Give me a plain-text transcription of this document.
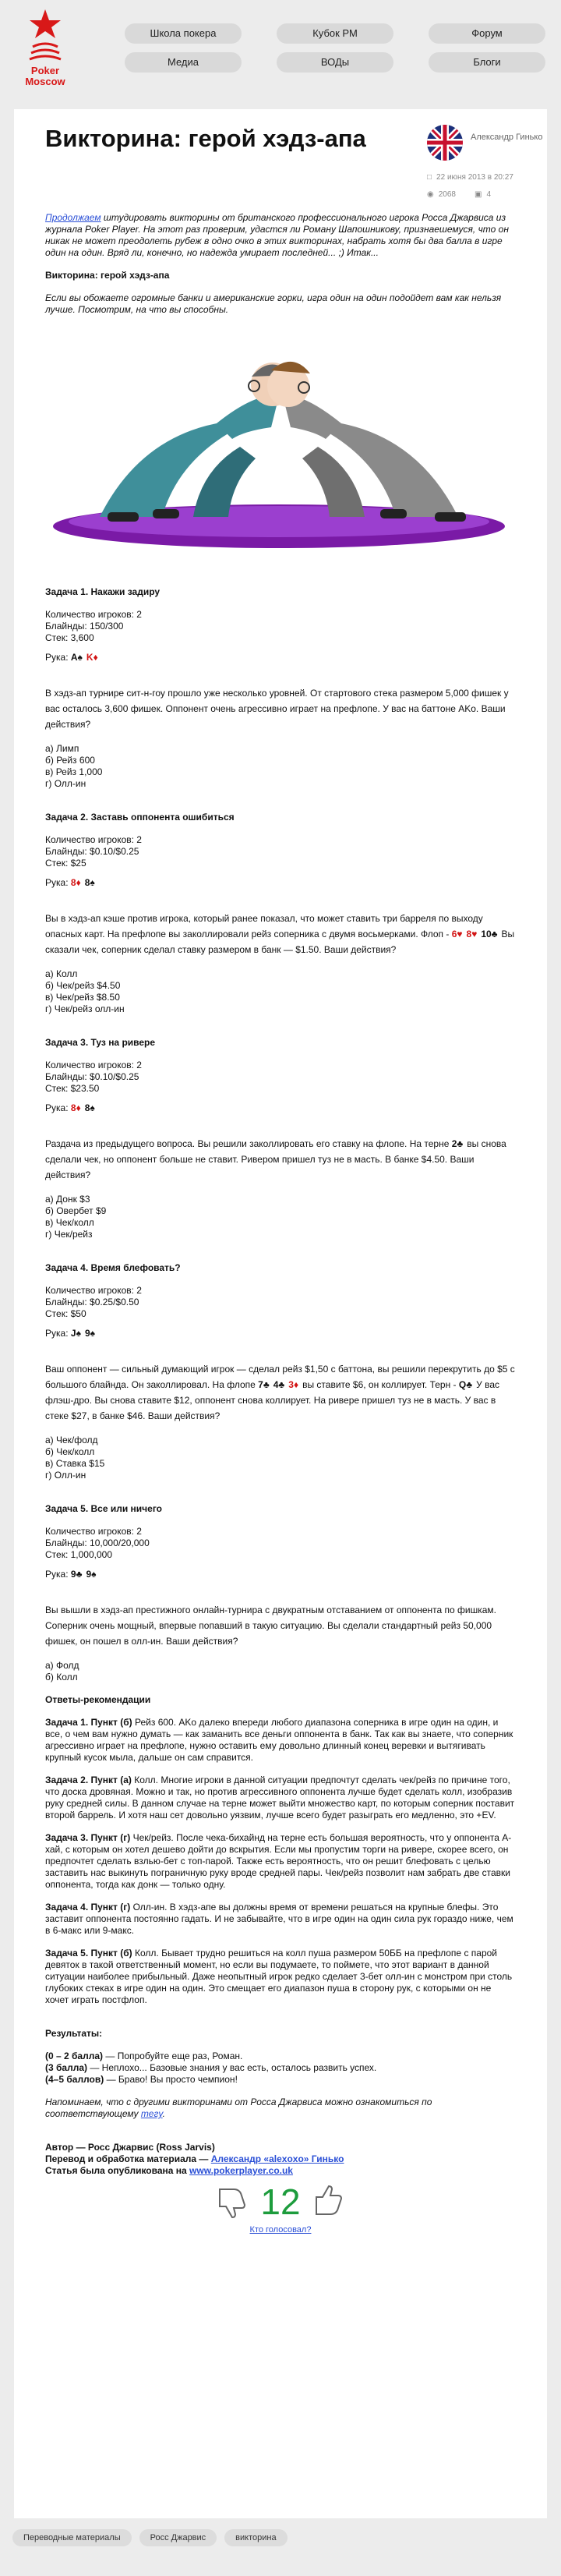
Poker
Moscow
Школа покера	Кубок РМ	Форум
Медиа	ВОДы	Блоги
Викторина: герой хэдз-апа	Александр Гинько
□ 22 июня 2013 в 20:27
◉ 2068 ▣ 4

Продолжаем штудировать викторины от британского профессионального игрока Росса Джарвиса из журнала Poker Player. На этот раз проверим, удастся ли Роману Шапошникову, признаешемуся, что он никак не может преодолеть рубеж в одно очко в этих викторинах, набрать хотя бы два балла в игре один на один. Вряд ли, конечно, но надежда умирает последней... ;) Итак...

Викторина: герой хэдз-апа

Если вы обожаете огромные банки и американские горки, игра один на один подойдет вам как нельзя лучше. Посмотрим, на что вы способны.

Задача 1. Накажи задиру

Количество игроков: 2

Блайнды: 150/300

Стек: 3,600

Рука: A♠ K♦

В хэдз-ап турнире сит-н-гоу прошло уже несколько уровней. От стартового стека размером 5,000 фишек у вас осталось 3,600 фишек. Оппонент очень агрессивно играет на префлопе. У вас на баттоне AKo. Ваши действия?

а) Лимп

б) Рейз 600

в) Рейз 1,000

г) Олл-ин

Задача 2. Заставь оппонента ошибиться

Количество игроков: 2

Блайнды: $0.10/$0.25

Стек: $25

Рука: 8♦ 8♠

Вы в хэдз-ап кэше против игрока, который ранее показал, что может ставить три барреля по выходу опасных карт. На префлопе вы заколлировали рейз соперника с двумя восьмерками. Флоп - 6♥ 8♥ 10♣ Вы сказали чек, соперник сделал ставку размером в банк — $1.50. Ваши действия?

а) Колл

б) Чек/рейз $4.50

в) Чек/рейз $8.50

г) Чек/рейз олл-ин

Задача 3. Туз на ривере

Количество игроков: 2

Блайнды: $0.10/$0.25

Стек: $23.50

Рука: 8♦ 8♠

Раздача из предыдущего вопроса. Вы решили заколлировать его ставку на флопе. На терне 2♣ вы снова сделали чек, но оппонент больше не ставит. Ривером пришел туз не в масть. В банке $4.50. Ваши действия?

а) Донк $3

б) Овербет $9

в) Чек/колл

г) Чек/рейз

Задача 4. Время блефовать?

Количество игроков: 2

Блайнды: $0.25/$0.50

Стек: $50

Рука: J♠ 9♠

Ваш оппонент — сильный думающий игрок — сделал рейз $1,50 с баттона, вы решили перекрутить до $5 с большого блайнда. Он заколлировал. На флопе 7♣ 4♣ 3♦ вы ставите $6, он коллирует. Терн - Q♣ У вас флэш-дро. Вы снова ставите $12, оппонент снова коллирует. На ривере пришел туз не в масть. У вас в стеке $27, в банке $46. Ваши действия?

а) Чек/фолд

б) Чек/колл

в) Ставка $15

г) Олл-ин

Задача 5. Все или ничего

Количество игроков: 2

Блайнды: 10,000/20,000

Стек: 1,000,000

Рука: 9♣ 9♠

Вы вышли в хэдз-ап престижного онлайн-турнира с двукратным отставанием от оппонента по фишкам. Соперник очень мощный, впервые попавший в такую ситуацию. Вы сделали стандартный рейз 50,000 фишек, он пошел в олл-ин. Ваши действия?

а) Фолд

б) Колл

Ответы-рекомендации

Задача 1. Пункт (б) Рейз 600. AKo далеко впереди любого диапазона соперника в игре один на один, и все, о чем вам нужно думать — как заманить все деньги оппонента в банк. Так как вы знаете, что соперник агрессивно играет на префлопе, нужно оставить ему довольно длинный конец веревки и вытягивать крупный кусок мыла, дальше он сам справится.

Задача 2. Пункт (а) Колл. Многие игроки в данной ситуации предпочтут сделать чек/рейз по причине того, что доска дровяная. Можно и так, но против агрессивного оппонента лучше будет сделать колл, изобразив руку средней силы. В данном случае на терне может выйти множество карт, по которым соперник поставит второй баррель. И хотя наш сет довольно уязвим, лучше всего будет разыграть его медленно, это +EV.

Задача 3. Пункт (г) Чек/рейз. После чека-бихайнд на терне есть большая вероятность, что у оппонента A-хай, с которым он хотел дешево дойти до вскрытия. Если мы пропустим торги на ривере, скорее всего, он предпочтет сделать взлью-бет с топ-парой. Также есть вероятность, что он решит блефовать с целью заставить нас выкинуть пограничную руку вроде средней пары. Чек/рейз позволит нам забрать две ставки оппонента, тогда как донк — только одну.

Задача 4. Пункт (г) Олл-ин. В хэдз-апе вы должны время от времени решаться на крупные блефы. Это заставит оппонента постоянно гадать. И не забывайте, что в игре один на один сила рук гораздо ниже, чем в 6-макс или 9-макс.

Задача 5. Пункт (б) Колл. Бывает трудно решиться на колл пуша размером 50ББ на префлопе с парой девяток в такой ответственный момент, но если вы подумаете, то поймете, что этот вариант в данной ситуации наиболее прибыльный. Даже неопытный игрок редко сделает 3-бет олл-ин с монстром при столь глубоких стеках в игре один на один. Это смещает его диапазон пуша в сторону рук, с которыми он не хочет играть постфлоп.

Результаты:

(0 – 2 балла) — Попробуйте еще раз, Роман.

(3 балла) — Неплохо... Базовые знания у вас есть, осталось развить успех.

(4–5 баллов) — Браво! Вы просто чемпион!

Напоминаем, что с другими викторинами от Росса Джарвиса можно ознакомиться по соответствующему тегу.

Автор — Росс Джарвис (Ross Jarvis)

Перевод и обработка материала — Александр «alexoxo» Гинько

Статья была опубликована на www.pokerplayer.co.uk

12
Кто голосовал?
Переводные материалы	Росс Джарвис	викторина
